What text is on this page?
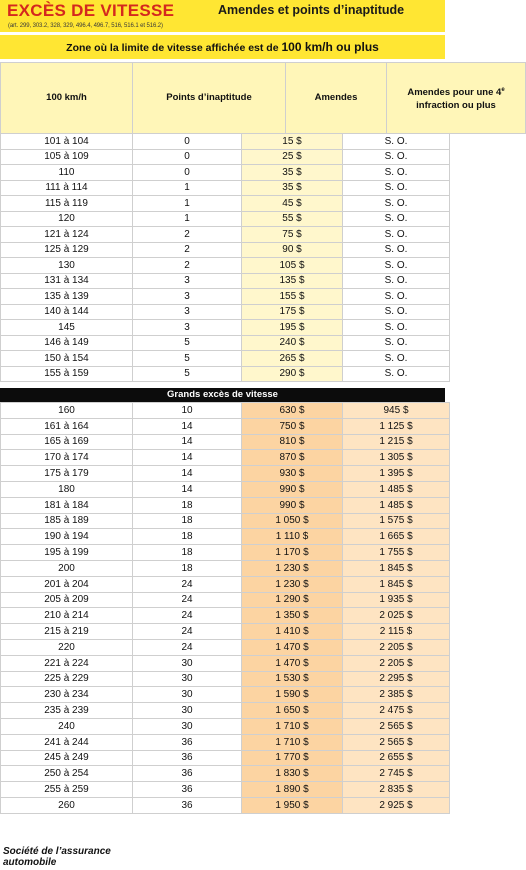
EXCÈS DE VITESSE	Amendes et points d’inaptitude
(art. 299, 303.2, 328, 329, 496.4, 496.7, 516, 516.1 et 516.2)
Zone où la limite de vitesse affichée est de 100 km/h ou plus
100 km/h	Points d’inaptitude	Amendes	Amendes pour une 4e infraction ou plus
101 à 104	0	15 $	S. O.
105 à 109	0	25 $	S. O.
110	0	35 $	S. O.
111 à 114	1	35 $	S. O.
115 à 119	1	45 $	S. O.
120	1	55 $	S. O.
121 à 124	2	75 $	S. O.
125 à 129	2	90 $	S. O.
130	2	105 $	S. O.
131 à 134	3	135 $	S. O.
135 à 139	3	155 $	S. O.
140 à 144	3	175 $	S. O.
145	3	195 $	S. O.
146 à 149	5	240 $	S. O.
150 à 154	5	265 $	S. O.
155 à 159	5	290 $	S. O.
Grands excès de vitesse
160	10	630 $	945 $
161 à 164	14	750 $	1 125 $
165 à 169	14	810 $	1 215 $
170 à 174	14	870 $	1 305 $
175 à 179	14	930 $	1 395 $
180	14	990 $	1 485 $
181 à 184	18	990 $	1 485 $
185 à 189	18	1 050 $	1 575 $
190 à 194	18	1 110 $	1 665 $
195 à 199	18	1 170 $	1 755 $
200	18	1 230 $	1 845 $
201 à 204	24	1 230 $	1 845 $
205 à 209	24	1 290 $	1 935 $
210 à 214	24	1 350 $	2 025 $
215 à 219	24	1 410 $	2 115 $
220	24	1 470 $	2 205 $
221 à 224	30	1 470 $	2 205 $
225 à 229	30	1 530 $	2 295 $
230 à 234	30	1 590 $	2 385 $
235 à 239	30	1 650 $	2 475 $
240	30	1 710 $	2 565 $
241 à 244	36	1 710 $	2 565 $
245 à 249	36	1 770 $	2 655 $
250 à 254	36	1 830 $	2 745 $
255 à 259	36	1 890 $	2 835 $
260	36	1 950 $	2 925 $
Société de l’assurance
automobile
